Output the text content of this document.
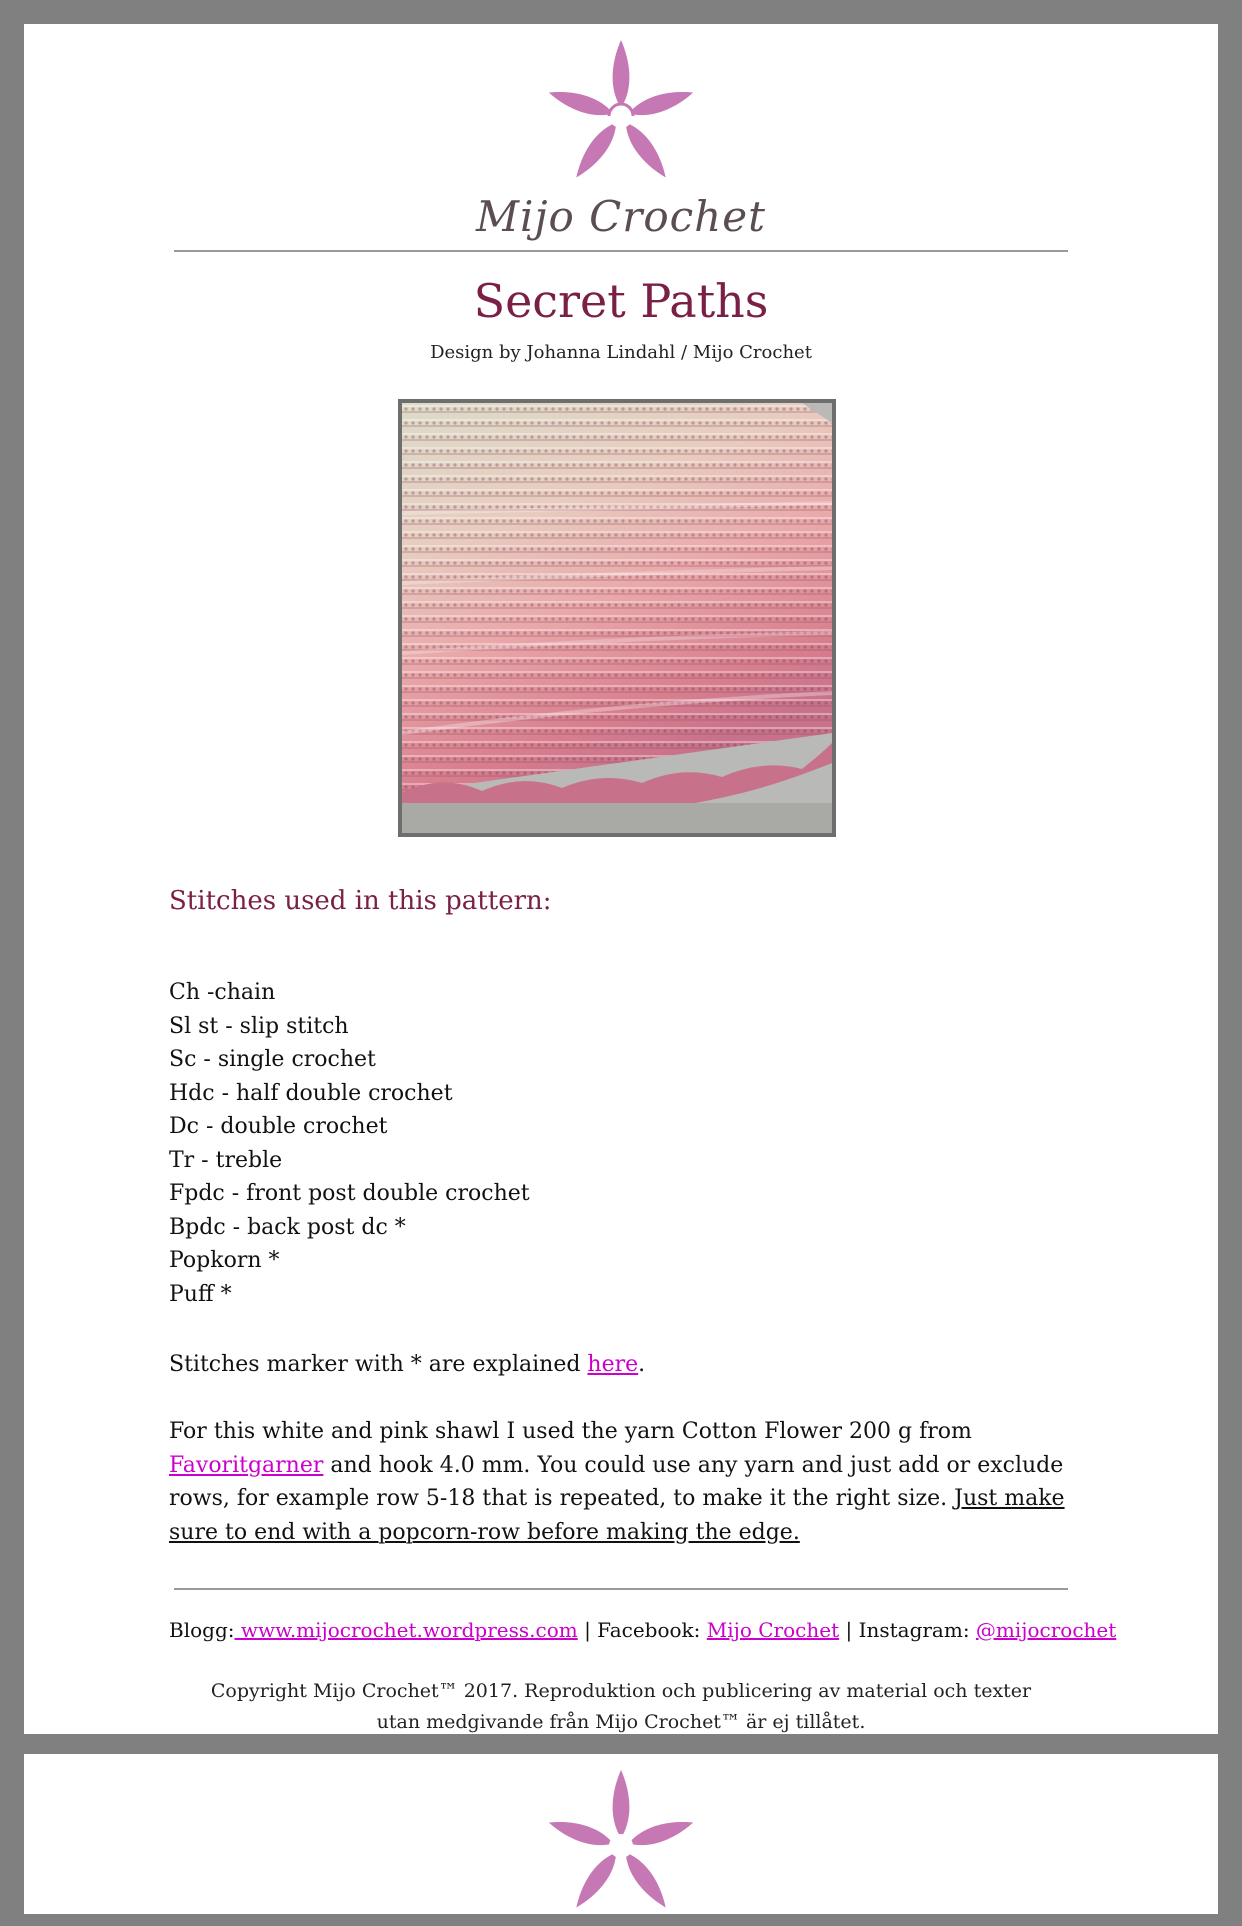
Mijo Crochet
Secret Paths
Design by Johanna Lindahl / Mijo Crochet
Stitches used in this pattern:
Ch -chain
Sl st - slip stitch
Sc - single crochet
Hdc - half double crochet
Dc - double crochet
Tr - treble
Fpdc - front post double crochet
Bpdc - back post dc *
Popkorn *
Puff *
Stitches marker with * are explained here.
For this white and pink shawl I used the yarn Cotton Flower 200 g from Favoritgarner and hook 4.0 mm. You could use any yarn and just add or exclude rows, for example row 5-18 that is repeated, to make it the right size. Just make sure to end with a popcorn-row before making the edge.
Blogg: www.mijocrochet.wordpress.com | Facebook: Mijo Crochet | Instagram: @mijocrochet
Copyright Mijo Crochet™ 2017. Reproduktion och publicering av material och texter utan medgivande från Mijo Crochet™ är ej tillåtet.
